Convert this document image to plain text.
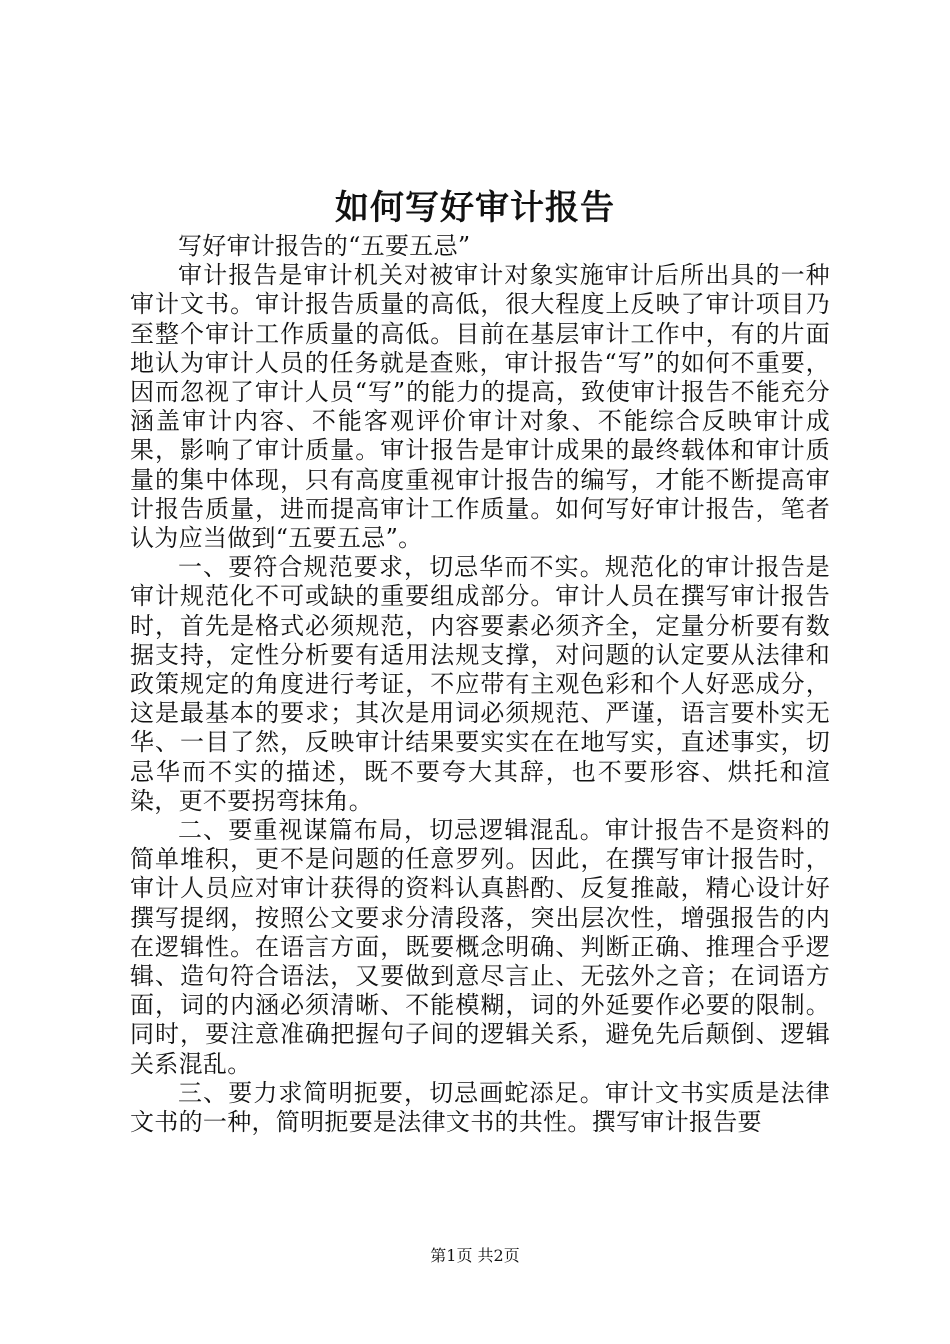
如何写好审计报告

写好审计报告的“五要五忌”

审计报告是审计机关对被审计对象实施审计后所出具的一种审计文书。审计报告质量的高低，很大程度上反映了审计项目乃至整个审计工作质量的高低。目前在基层审计工作中，有的片面地认为审计人员的任务就是查账，审计报告“写”的如何不重要，因而忽视了审计人员“写”的能力的提高，致使审计报告不能充分涵盖审计内容、不能客观评价审计对象、不能综合反映审计成果，影响了审计质量。审计报告是审计成果的最终载体和审计质量的集中体现，只有高度重视审计报告的编写，才能不断提高审计报告质量，进而提高审计工作质量。如何写好审计报告，笔者认为应当做到“五要五忌”。

一、要符合规范要求，切忌华而不实。规范化的审计报告是审计规范化不可或缺的重要组成部分。审计人员在撰写审计报告时，首先是格式必须规范，内容要素必须齐全，定量分析要有数据支持，定性分析要有适用法规支撑，对问题的认定要从法律和政策规定的角度进行考证，不应带有主观色彩和个人好恶成分，这是最基本的要求；其次是用词必须规范、严谨，语言要朴实无华、一目了然，反映审计结果要实实在在地写实，直述事实，切忌华而不实的描述，既不要夸大其辞，也不要形容、烘托和渲染，更不要拐弯抹角。

二、要重视谋篇布局，切忌逻辑混乱。审计报告不是资料的简单堆积，更不是问题的任意罗列。因此，在撰写审计报告时，审计人员应对审计获得的资料认真斟酌、反复推敲，精心设计好撰写提纲，按照公文要求分清段落，突出层次性，增强报告的内在逻辑性。在语言方面，既要概念明确、判断正确、推理合乎逻辑、造句符合语法，又要做到意尽言止、无弦外之音；在词语方面，词的内涵必须清晰、不能模糊，词的外延要作必要的限制。同时，要注意准确把握句子间的逻辑关系，避免先后颠倒、逻辑关系混乱。

三、要力求简明扼要，切忌画蛇添足。审计文书实质是法律文书的一种，简明扼要是法律文书的共性。撰写审计报告要

第1页 共2页
